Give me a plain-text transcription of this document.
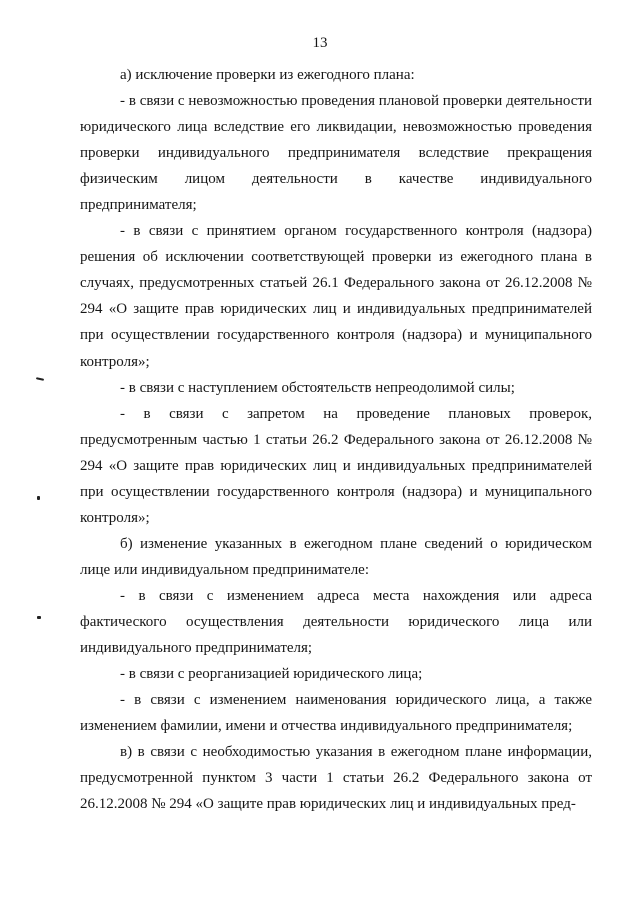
13

а) исключение проверки из ежегодного плана:

- в связи с невозможностью проведения плановой проверки деятельности юридического лица вследствие его ликвидации, невозможностью проведения проверки индивидуального предпринимателя вследствие прекращения физическим лицом деятельности в качестве индивидуального предпринимателя;

- в связи с принятием органом государственного контроля (надзора) решения об исключении соответствующей проверки из ежегодного плана в случаях, предусмотренных статьей 26.1 Федерального закона от 26.12.2008 № 294 «О защите прав юридических лиц и индивидуальных предпринимателей при осуществлении государственного контроля (надзора) и муниципального контроля»;

- в связи с наступлением обстоятельств непреодолимой силы;

- в связи с запретом на проведение плановых проверок, предусмотренным частью 1 статьи 26.2 Федерального закона от 26.12.2008 № 294 «О защите прав юридических лиц и индивидуальных предпринимателей при осуществлении государственного контроля (надзора) и муниципального контроля»;

б) изменение указанных в ежегодном плане сведений о юридическом лице или индивидуальном предпринимателе:

- в связи с изменением адреса места нахождения или адреса фактического осуществления деятельности юридического лица или индивидуального предпринимателя;

- в связи с реорганизацией юридического лица;

- в связи с изменением наименования юридического лица, а также изменением фамилии, имени и отчества индивидуального предпринимателя;

в) в связи с необходимостью указания в ежегодном плане информации, предусмотренной пунктом 3 части 1 статьи 26.2 Федерального закона от 26.12.2008 № 294 «О защите прав юридических лиц и индивидуальных пред-
